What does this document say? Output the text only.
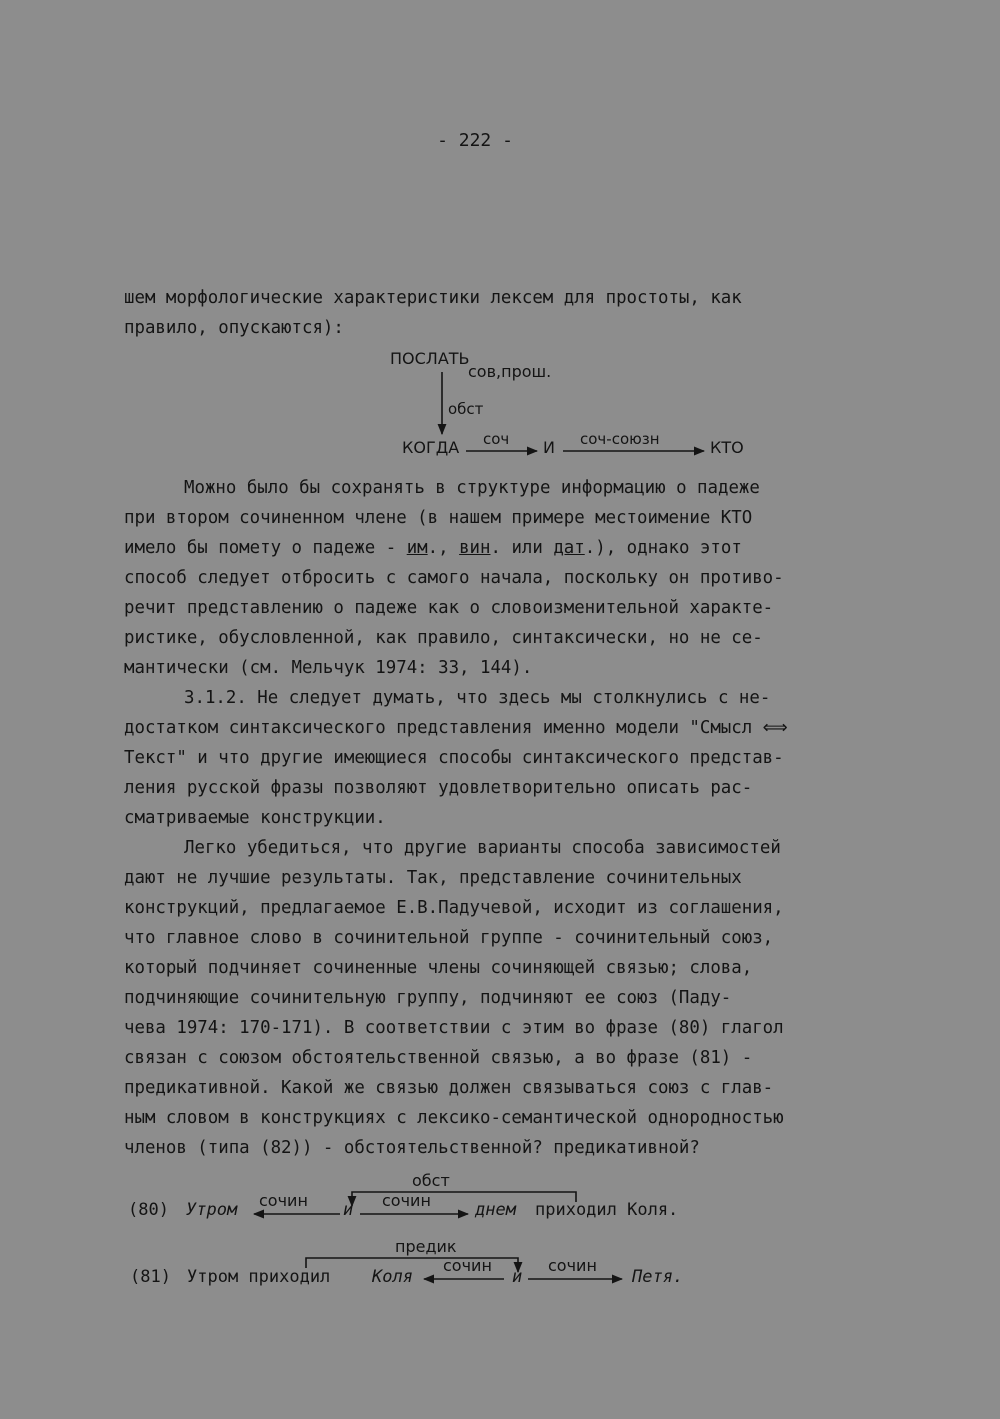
- 222 -
шем морфологические характеристики лексем для простоты, как
правило, опускаются):
ПОСЛАТЬ
сов,прош.
обст
КОГДА соч И соч-союзн	КТО
Можно было бы сохранять в структуре информацию о падеже
при втором сочиненном члене (в нашем примере местоимение КТО
имело бы помету о падеже - им., вин. или дат.), однако этот
способ следует отбросить с самого начала, поскольку он противо-
речит представлению о падеже как о словоизменительной характе-
ристике, обусловленной, как правило, синтаксически, но не се-
мантически (см. Мельчук 1974: 33, 144).
3.1.2. Не следует думать, что здесь мы столкнулись с не-
достатком синтаксического представления именно модели "Смысл ⟺
Текст" и что другие имеющиеся способы синтаксического представ-
ления русской фразы позволяют удовлетворительно описать рас-
сматриваемые конструкции.
Легко убедиться, что другие варианты способа зависимостей
дают не лучшие результаты. Так, представление сочинительных
конструкций, предлагаемое Е.В.Падучевой, исходит из соглашения,
что главное слово в сочинительной группе - сочинительный союз,
который подчиняет сочиненные члены сочиняющей связью; слова,
подчиняющие сочинительную группу, подчиняют ее союз (Паду-
чева 1974: 170-171). В соответствии с этим во фразе (80) глагол
связан с союзом обстоятельственной связью, а во фразе (81) -
предикативной. Какой же связью должен связываться союз с глав-
ным словом в конструкциях с лексико-семантической однородностью
членов (типа (82)) - обстоятельственной? предикативной?
обст
(80) Утром сочин и сочин	днем приходил Коля.
предик
(81) Утром приходил Коля
сочин
и
сочин
Петя.
